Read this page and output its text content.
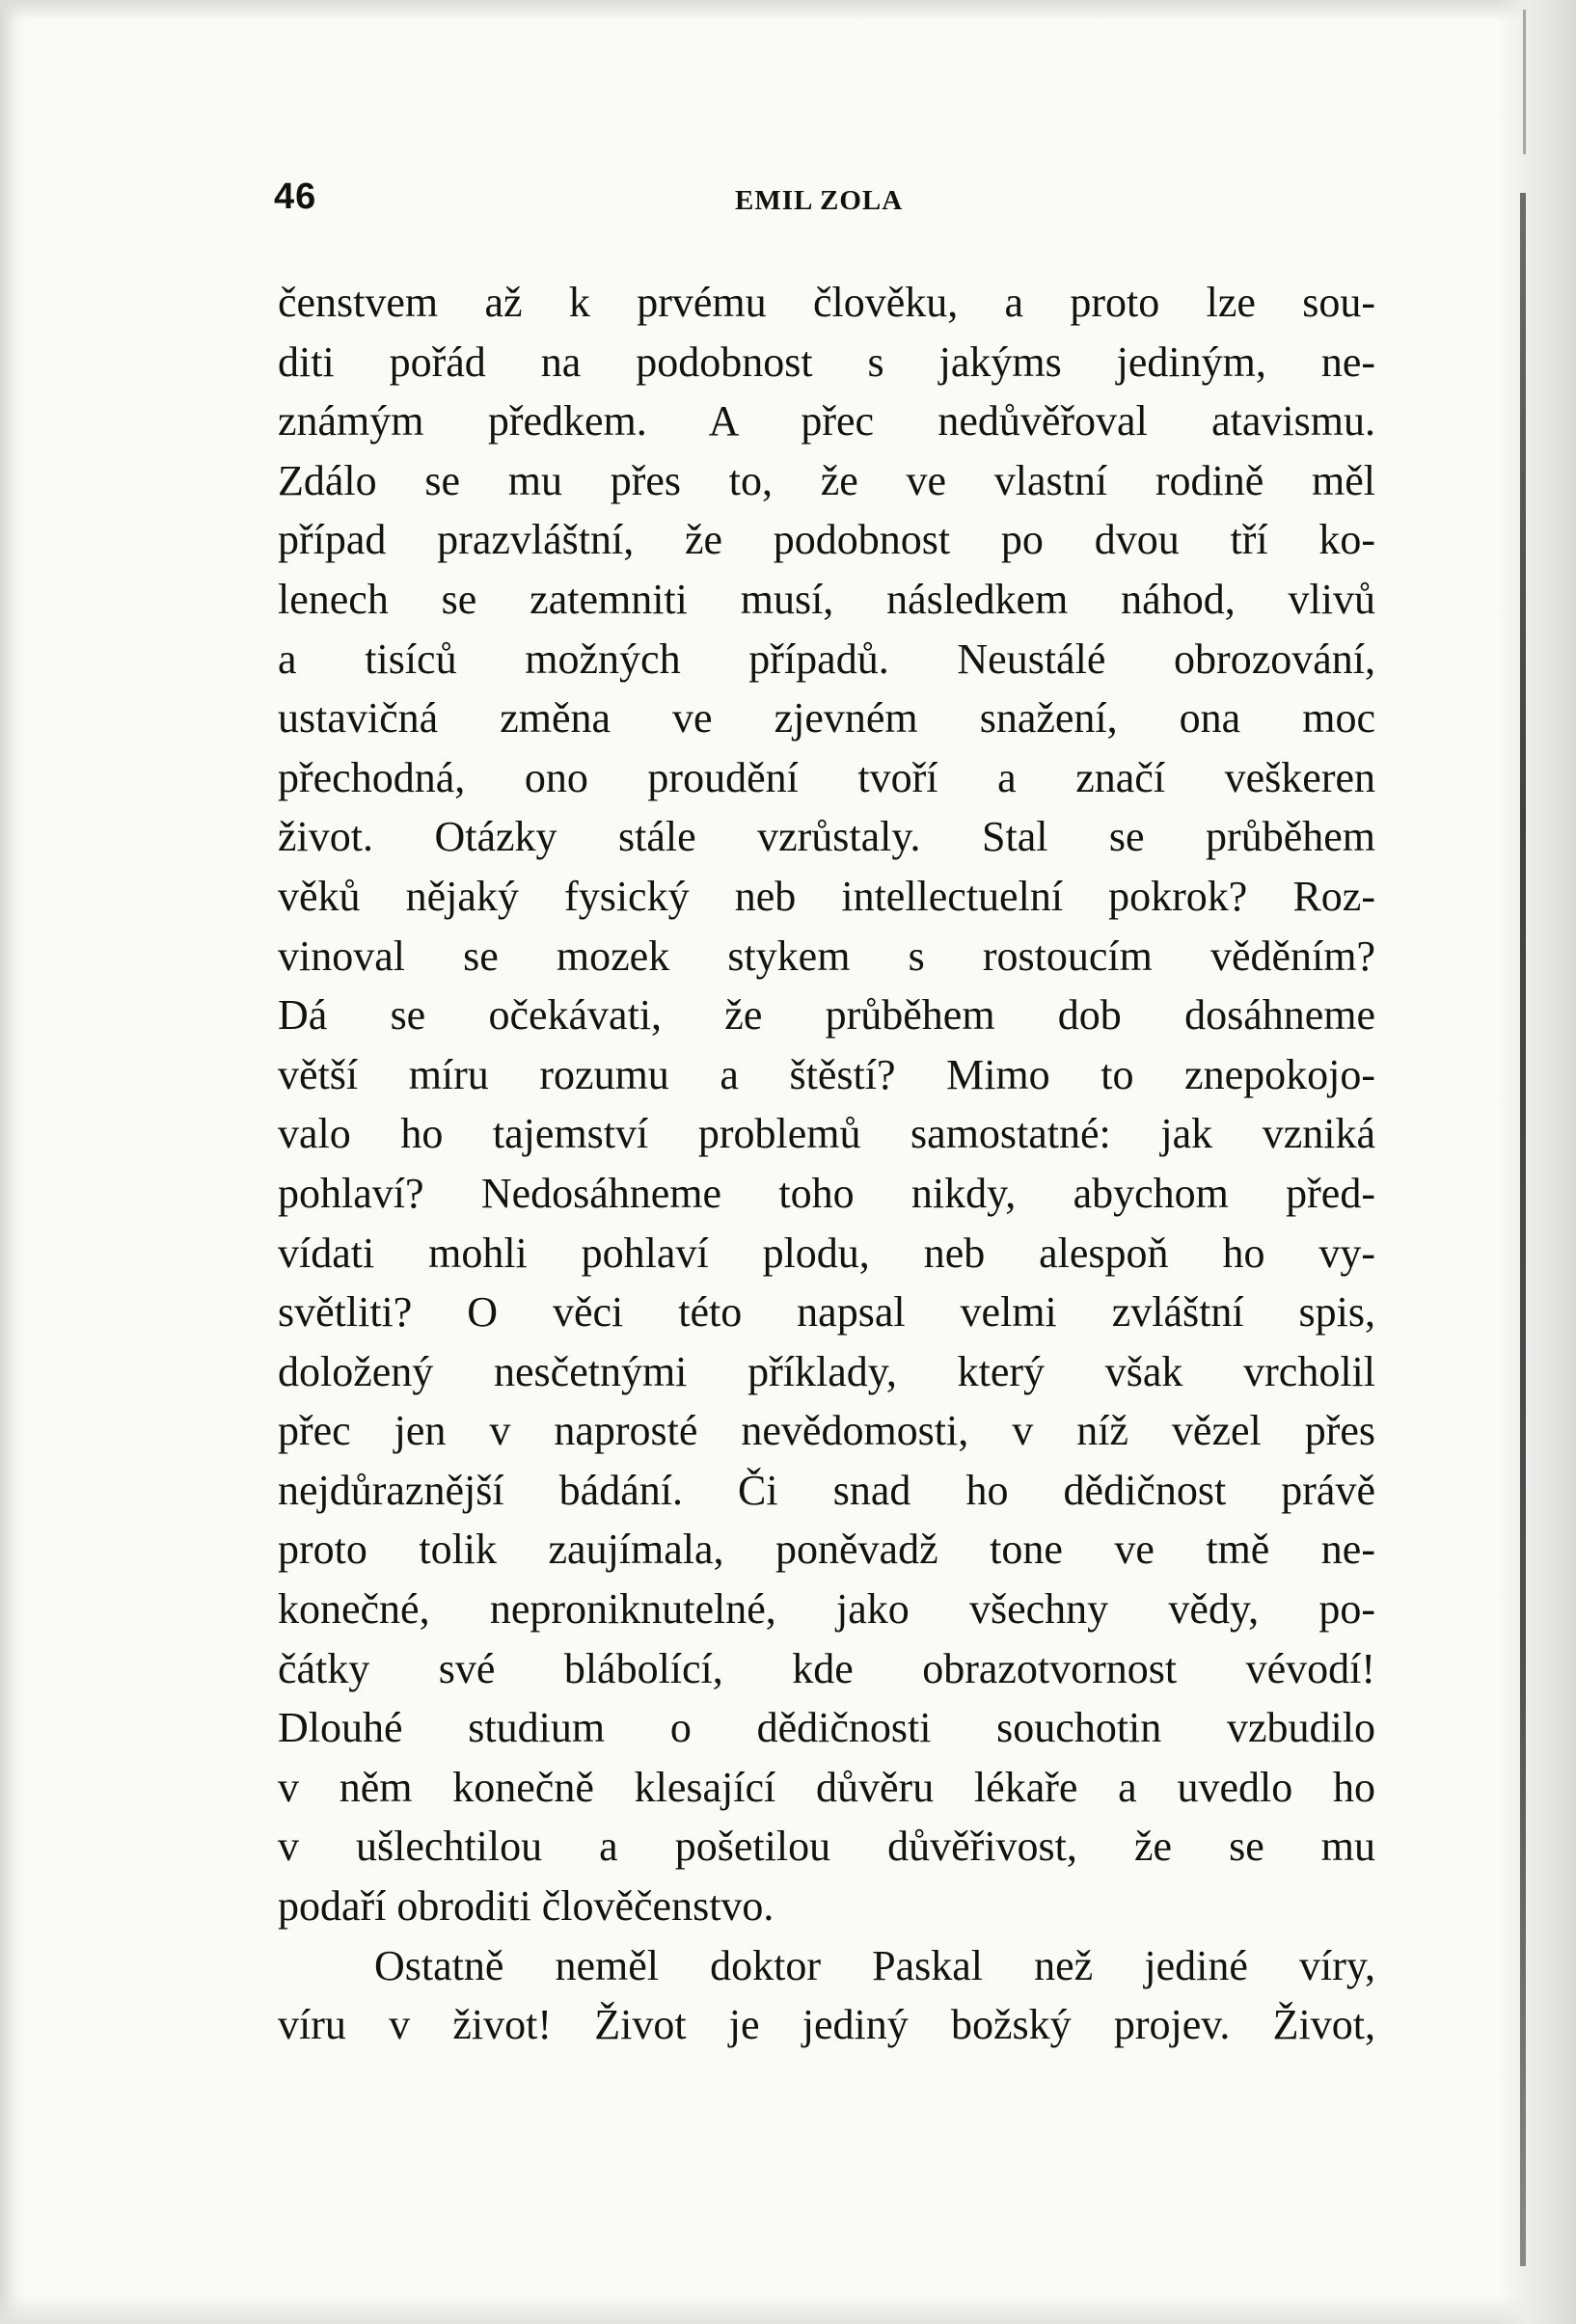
46	EMIL ZOLA
čenstvem až k prvému člověku, a proto lze sou-
diti pořád na podobnost s jakýms jediným, ne-
známým předkem. A přec nedůvěřoval atavismu.
Zdálo se mu přes to, že ve vlastní rodině měl
případ prazvláštní, že podobnost po dvou tří ko-
lenech se zatemniti musí, následkem náhod, vlivů
a tisíců možných případů. Neustálé obrozování,
ustavičná změna ve zjevném snažení, ona moc
přechodná, ono proudění tvoří a značí veškeren
život. Otázky stále vzrůstaly. Stal se průběhem
věků nějaký fysický neb intellectuelní pokrok? Roz-
vinoval se mozek stykem s rostoucím věděním?
Dá se očekávati, že průběhem dob dosáhneme
větší míru rozumu a štěstí? Mimo to znepokojo-
valo ho tajemství problemů samostatné: jak vzniká
pohlaví? Nedosáhneme toho nikdy, abychom před-
vídati mohli pohlaví plodu, neb alespoň ho vy-
světliti? O věci této napsal velmi zvláštní spis,
doložený nesčetnými příklady, který však vrcholil
přec jen v naprosté nevědomosti, v níž vězel přes
nejdůraznější bádání. Či snad ho dědičnost právě
proto tolik zaujímala, poněvadž tone ve tmě ne-
konečné, neproniknutelné, jako všechny vědy, po-
čátky své blábolící, kde obrazotvornost vévodí!
Dlouhé studium o dědičnosti souchotin vzbudilo
v něm konečně klesající důvěru lékaře a uvedlo ho
v ušlechtilou a pošetilou důvěřivost, že se mu
podaří obroditi člověčenstvo.
Ostatně neměl doktor Paskal než jediné víry,
víru v život! Život je jediný božský projev. Život,
